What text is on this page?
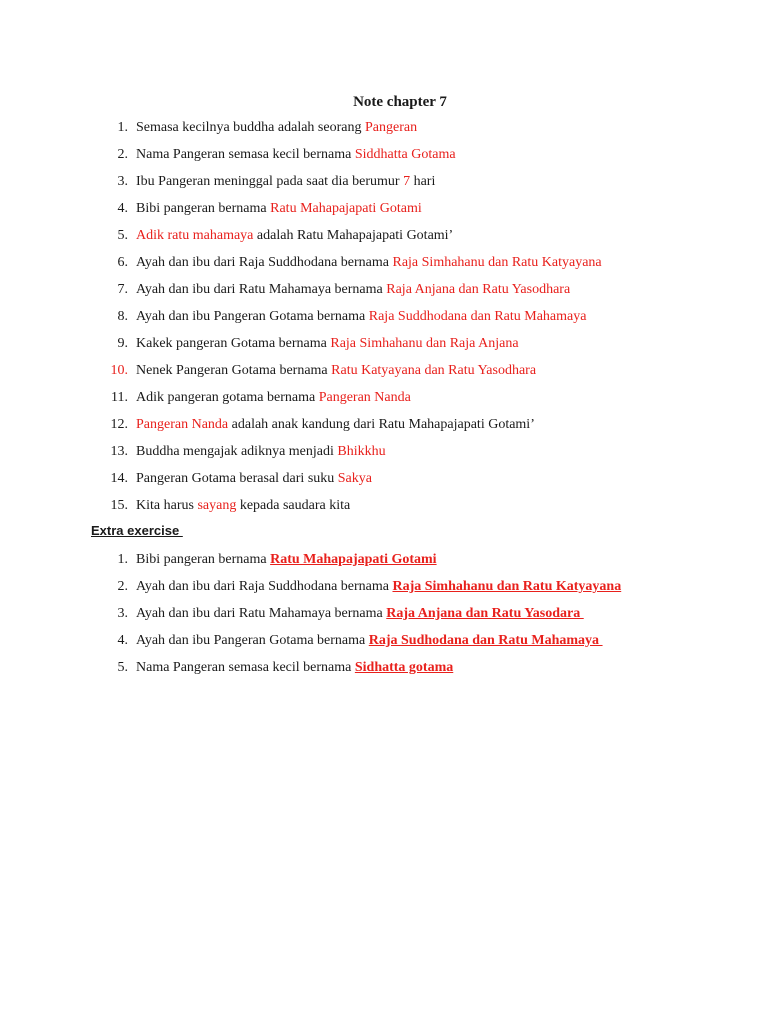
Note chapter 7
1. Semasa kecilnya buddha adalah seorang Pangeran
2. Nama Pangeran semasa kecil bernama Siddhatta Gotama
3. Ibu Pangeran meninggal pada saat dia berumur 7 hari
4. Bibi pangeran bernama Ratu Mahapajapati Gotami
5. Adik ratu mahamaya adalah Ratu Mahapajapati Gotami’
6. Ayah dan ibu dari Raja Suddhodana bernama Raja Simhahanu dan Ratu Katyayana
7. Ayah dan ibu dari Ratu Mahamaya bernama Raja Anjana dan Ratu Yasodhara
8. Ayah dan ibu Pangeran Gotama bernama Raja Suddhodana dan Ratu Mahamaya
9. Kakek pangeran Gotama bernama Raja Simhahanu dan Raja Anjana
10. Nenek Pangeran Gotama bernama Ratu Katyayana dan Ratu Yasodhara
11. Adik pangeran gotama bernama Pangeran Nanda
12. Pangeran Nanda adalah anak kandung dari Ratu Mahapajapati Gotami’
13. Buddha mengajak adiknya menjadi Bhikkhu
14. Pangeran Gotama berasal dari suku Sakya
15. Kita harus sayang kepada saudara kita
Extra exercise
1. Bibi pangeran bernama Ratu Mahapajapati Gotami
2. Ayah dan ibu dari Raja Suddhodana bernama Raja Simhahanu dan Ratu Katyayana
3. Ayah dan ibu dari Ratu Mahamaya bernama Raja Anjana dan Ratu Yasodara
4. Ayah dan ibu Pangeran Gotama bernama Raja Sudhodana dan Ratu Mahamaya
5. Nama Pangeran semasa kecil bernama Sidhatta gotama
